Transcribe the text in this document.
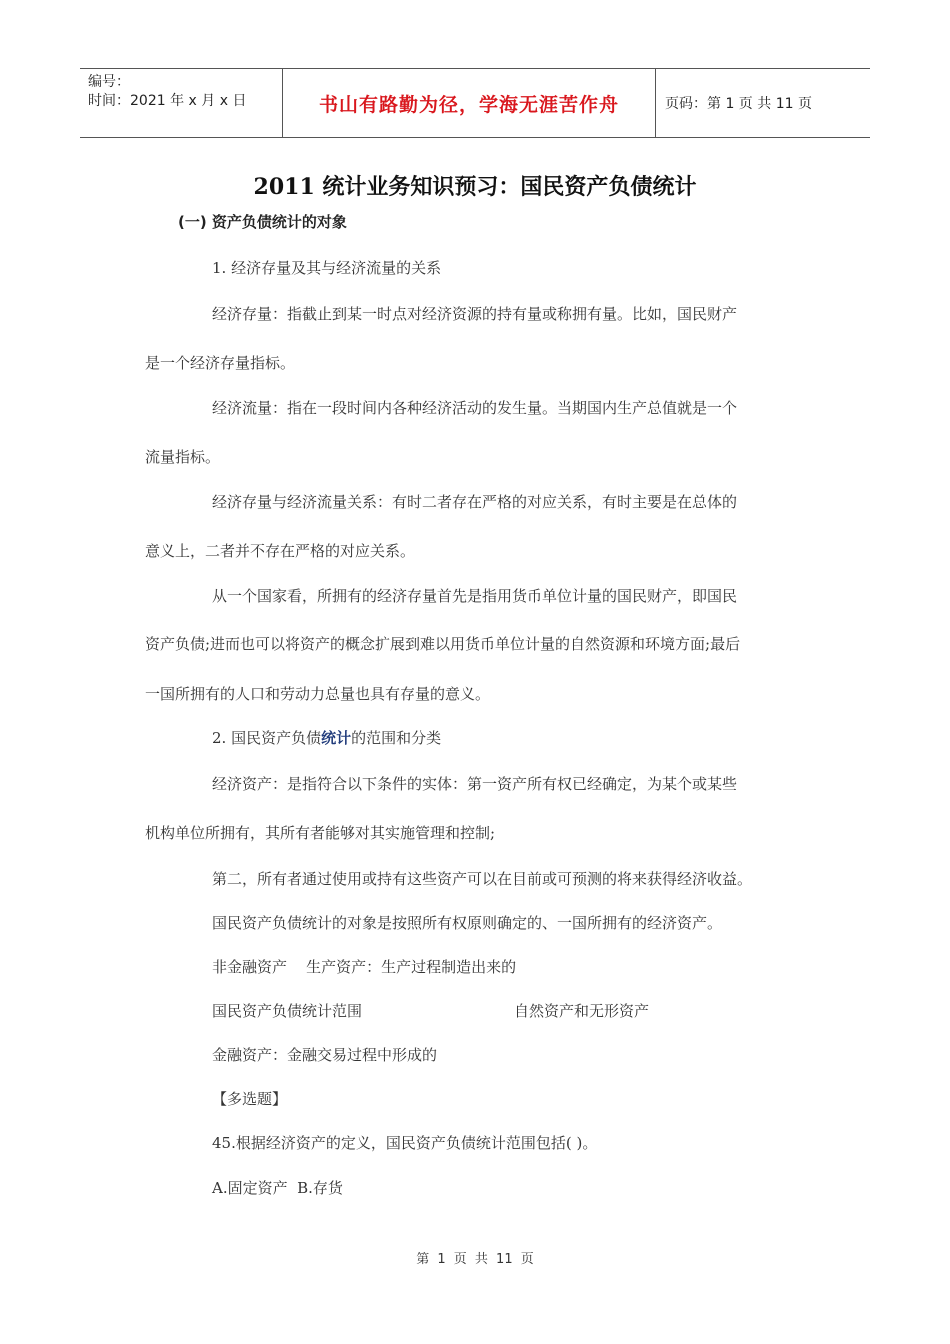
编号：
时间：2021 年 x 月 x 日	书山有路勤为径，学海无涯苦作舟	页码：第 1 页 共 11 页
2011 统计业务知识预习：国民资产负债统计
(一) 资产负债统计的对象
1. 经济存量及其与经济流量的关系
经济存量：指截止到某一时点对经济资源的持有量或称拥有量。比如，国民财产
是一个经济存量指标。
经济流量：指在一段时间内各种经济活动的发生量。当期国内生产总值就是一个
流量指标。
经济存量与经济流量关系：有时二者存在严格的对应关系，有时主要是在总体的
意义上，二者并不存在严格的对应关系。
从一个国家看，所拥有的经济存量首先是指用货币单位计量的国民财产，即国民
资产负债;进而也可以将资产的概念扩展到难以用货币单位计量的自然资源和环境方面;最后
一国所拥有的人口和劳动力总量也具有存量的意义。
2. 国民资产负债统计的范围和分类
经济资产：是指符合以下条件的实体：第一资产所有权已经确定，为某个或某些
机构单位所拥有，其所有者能够对其实施管理和控制;
第二，所有者通过使用或持有这些资产可以在目前或可预测的将来获得经济收益。
国民资产负债统计的对象是按照所有权原则确定的、一国所拥有的经济资产。
非金融资产    生产资产：生产过程制造出来的
国民资产负债统计范围	自然资产和无形资产
金融资产：金融交易过程中形成的
【多选题】
45.根据经济资产的定义，国民资产负债统计范围包括( )。
A.固定资产  B.存货
第 1 页 共 11 页
